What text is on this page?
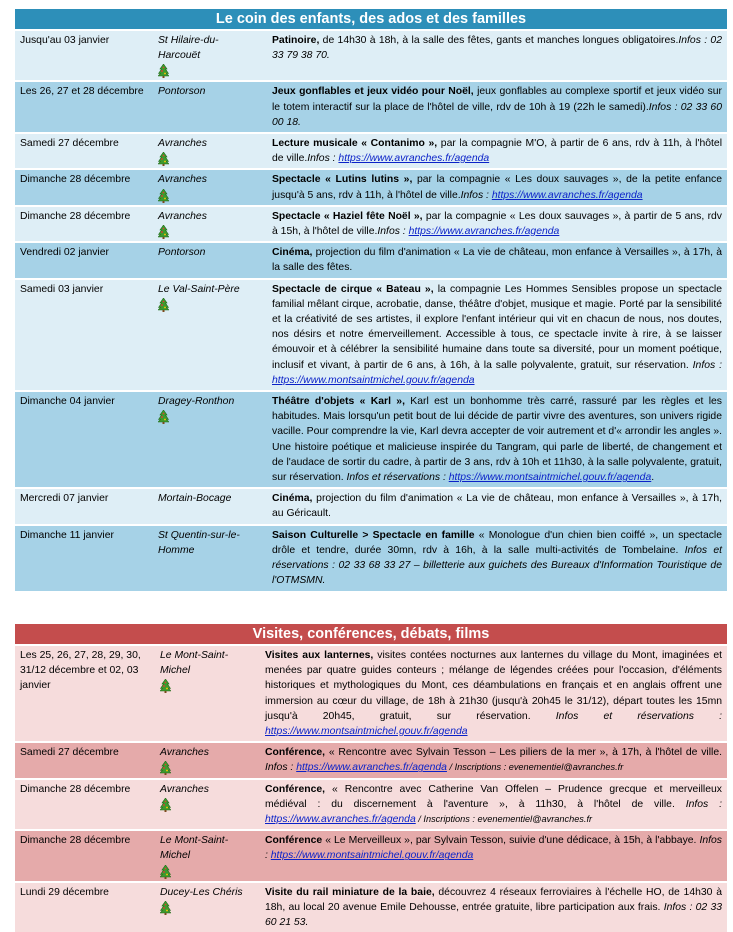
Le coin des enfants, des ados et des familles
Jusqu'au 03 janvier	St Hilaire-du-Harcouët	Patinoire, de 14h30 à 18h, à la salle des fêtes, gants et manches longues obligatoires.Infos : 02 33 79 38 70.
Les 26, 27 et 28 décembre	Pontorson	Jeux gonflables et jeux vidéo pour Noël, jeux gonflables au complexe sportif et jeux vidéo sur le totem interactif sur la place de l'hôtel de ville, rdv de 10h à 19 (22h le samedi).Infos : 02 33 60 00 18.
Samedi 27 décembre	Avranches	Lecture musicale « Contanimo », par la compagnie M'O, à partir de 6 ans, rdv à 11h, à l'hôtel de ville.Infos : https://www.avranches.fr/agenda
Dimanche 28 décembre	Avranches	Spectacle « Lutins lutins », par la compagnie « Les doux sauvages », de la petite enfance jusqu'à 5 ans, rdv à 11h, à l'hôtel de ville.Infos : https://www.avranches.fr/agenda
Dimanche 28 décembre	Avranches	Spectacle « Haziel fête Noël », par la compagnie « Les doux sauvages », à partir de 5 ans, rdv à 15h, à l'hôtel de ville.Infos : https://www.avranches.fr/agenda
Vendredi 02 janvier	Pontorson	Cinéma, projection du film d'animation « La vie de château, mon enfance à Versailles », à 17h, à la salle des fêtes.
Samedi 03 janvier	Le Val-Saint-Père	Spectacle de cirque « Bateau », la compagnie Les Hommes Sensibles propose un spectacle familial mêlant cirque, acrobatie, danse, théâtre d'objet, musique et magie. Porté par la sensibilité et la créativité de ses artistes, il explore l'enfant intérieur qui vit en chacun de nous, nos doutes, nos désirs et notre émerveillement. Accessible à tous, ce spectacle invite à rire, à se laisser émouvoir et à célébrer la sensibilité humaine dans toute sa diversité, pour un moment poétique, inclusif et vivant, à partir de 6 ans, à 16h, à la salle polyvalente, gratuit, sur réservation. Infos : https://www.montsaintmichel.gouv.fr/agenda
Dimanche 04 janvier	Dragey-Ronthon	Théâtre d'objets « Karl », Karl est un bonhomme très carré, rassuré par les règles et les habitudes. Mais lorsqu'un petit bout de lui décide de partir vivre des aventures, son univers rigide vacille. Pour comprendre la vie, Karl devra accepter de voir autrement et d'« arrondir les angles ». Une histoire poétique et malicieuse inspirée du Tangram, qui parle de liberté, de changement et de l'audace de sortir du cadre, à partir de 3 ans, rdv à 10h et 11h30, à la salle polyvalente, gratuit, sur réservation. Infos et réservations : https://www.montsaintmichel.gouv.fr/agenda.
Mercredi 07 janvier	Mortain-Bocage	Cinéma, projection du film d'animation « La vie de château, mon enfance à Versailles », à 17h, au Géricault.
Dimanche 11 janvier	St Quentin-sur-le-Homme	Saison Culturelle > Spectacle en famille « Monologue d'un chien bien coiffé », un spectacle drôle et tendre, durée 30mn, rdv à 16h, à la salle multi-activités de Tombelaine. Infos et réservations : 02 33 68 33 27 – billetterie aux guichets des Bureaux d'Information Touristique de l'OTMSMN.
Visites, conférences, débats, films
Les 25, 26, 27, 28, 29, 30, 31/12 décembre et 02, 03 janvier	Le Mont-Saint-Michel	Visites aux lanternes, visites contées nocturnes aux lanternes du village du Mont, imaginées et menées par quatre guides conteurs ; mélange de légendes créées pour l'occasion, d'éléments historiques et mythologiques du Mont, ces déambulations en français et en anglais offrent une immersion au cœur du village, de 18h à 21h30 (jusqu'à 20h45 le 31/12), départ toutes les 15mn jusqu'à 20h45, gratuit, sur réservation. Infos et réservations : https://www.montsaintmichel.gouv.fr/agenda
Samedi 27 décembre	Avranches	Conférence, « Rencontre avec Sylvain Tesson – Les piliers de la mer », à 17h, à l'hôtel de ville. Infos : https://www.avranches.fr/agenda / Inscriptions : evenementiel@avranches.fr
Dimanche 28 décembre	Avranches	Conférence, « Rencontre avec Catherine Van Offelen – Prudence grecque et merveilleux médiéval : du discernement à l'aventure », à 11h30, à l'hôtel de ville. Infos : https://www.avranches.fr/agenda / Inscriptions : evenementiel@avranches.fr
Dimanche 28 décembre	Le Mont-Saint-Michel	Conférence « Le Merveilleux », par Sylvain Tesson, suivie d'une dédicace, à 15h, à l'abbaye. Infos : https://www.montsaintmichel.gouv.fr/agenda
Lundi 29 décembre	Ducey-Les Chéris	Visite du rail miniature de la baie, découvrez 4 réseaux ferroviaires à l'échelle HO, de 14h30 à 18h, au local 20 avenue Emile Dehousse, entrée gratuite, libre participation aux frais. Infos : 02 33 60 21 53.
